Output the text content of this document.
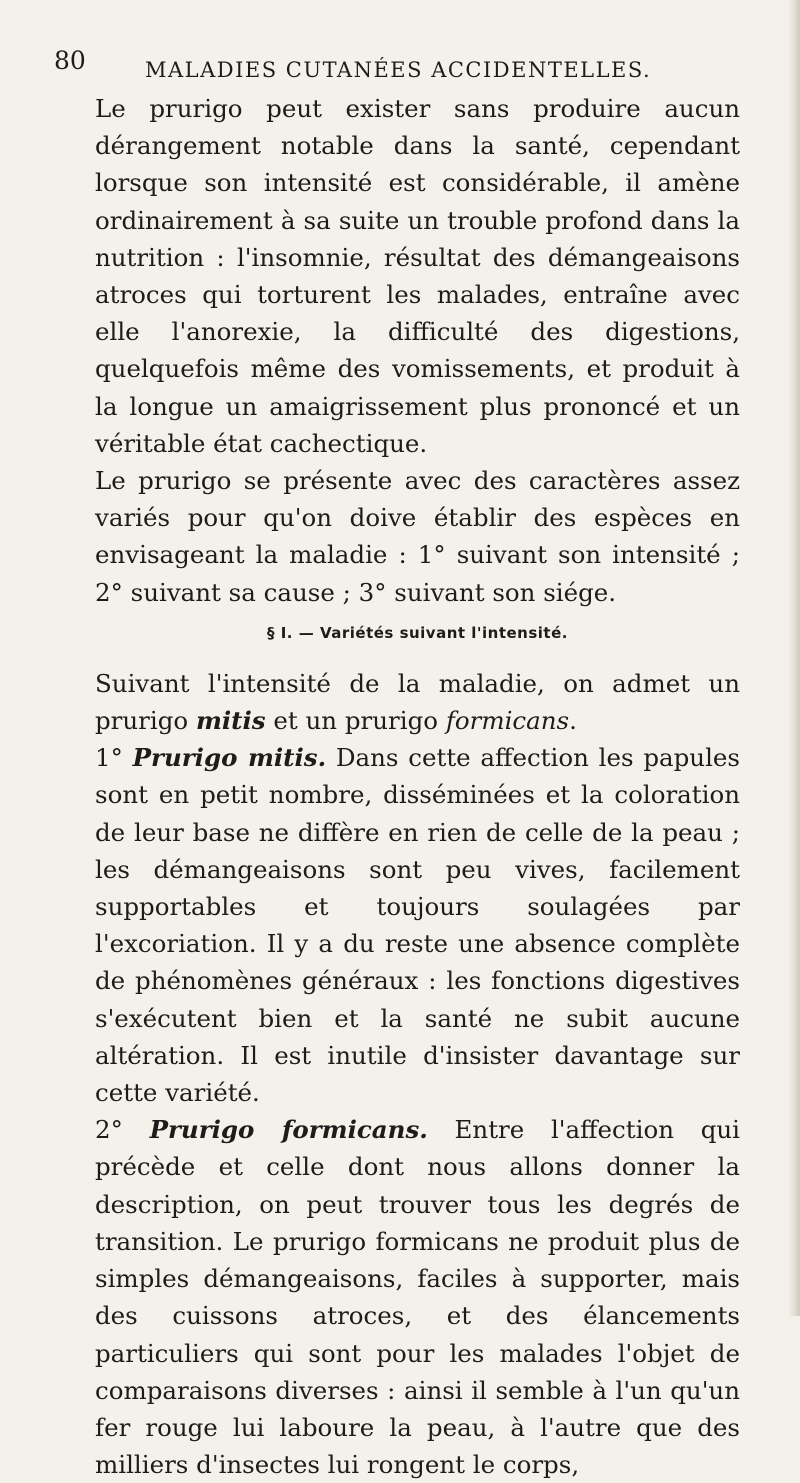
80	MALADIES CUTANÉES ACCIDENTELLES.

Le prurigo peut exister sans produire aucun dérangement notable dans la santé, cependant lorsque son intensité est considérable, il amène ordinairement à sa suite un trouble profond dans la nutrition : l'insomnie, résultat des démangeaisons atroces qui torturent les malades, entraîne avec elle l'anorexie, la difficulté des digestions, quelquefois même des vomissements, et produit à la longue un amaigrissement plus prononcé et un véritable état cachectique.

Le prurigo se présente avec des caractères assez variés pour qu'on doive établir des espèces en envisageant la maladie : 1° suivant son intensité ; 2° suivant sa cause ; 3° suivant son siége.

§ I. — Variétés suivant l'intensité.

Suivant l'intensité de la maladie, on admet un prurigo mitis et un prurigo formicans.

1° Prurigo mitis. Dans cette affection les papules sont en petit nombre, disséminées et la coloration de leur base ne diffère en rien de celle de la peau ; les démangeaisons sont peu vives, facilement supportables et toujours soulagées par l'excoriation. Il y a du reste une absence complète de phénomènes généraux : les fonctions digestives s'exécutent bien et la santé ne subit aucune altération. Il est inutile d'insister davantage sur cette variété.

2° Prurigo formicans. Entre l'affection qui précède et celle dont nous allons donner la description, on peut trouver tous les degrés de transition. Le prurigo formicans ne produit plus de simples démangeaisons, faciles à supporter, mais des cuissons atroces, et des élancements particuliers qui sont pour les malades l'objet de comparaisons diverses : ainsi il semble à l'un qu'un fer rouge lui laboure la peau, à l'autre que des milliers d'insectes lui rongent le corps,
